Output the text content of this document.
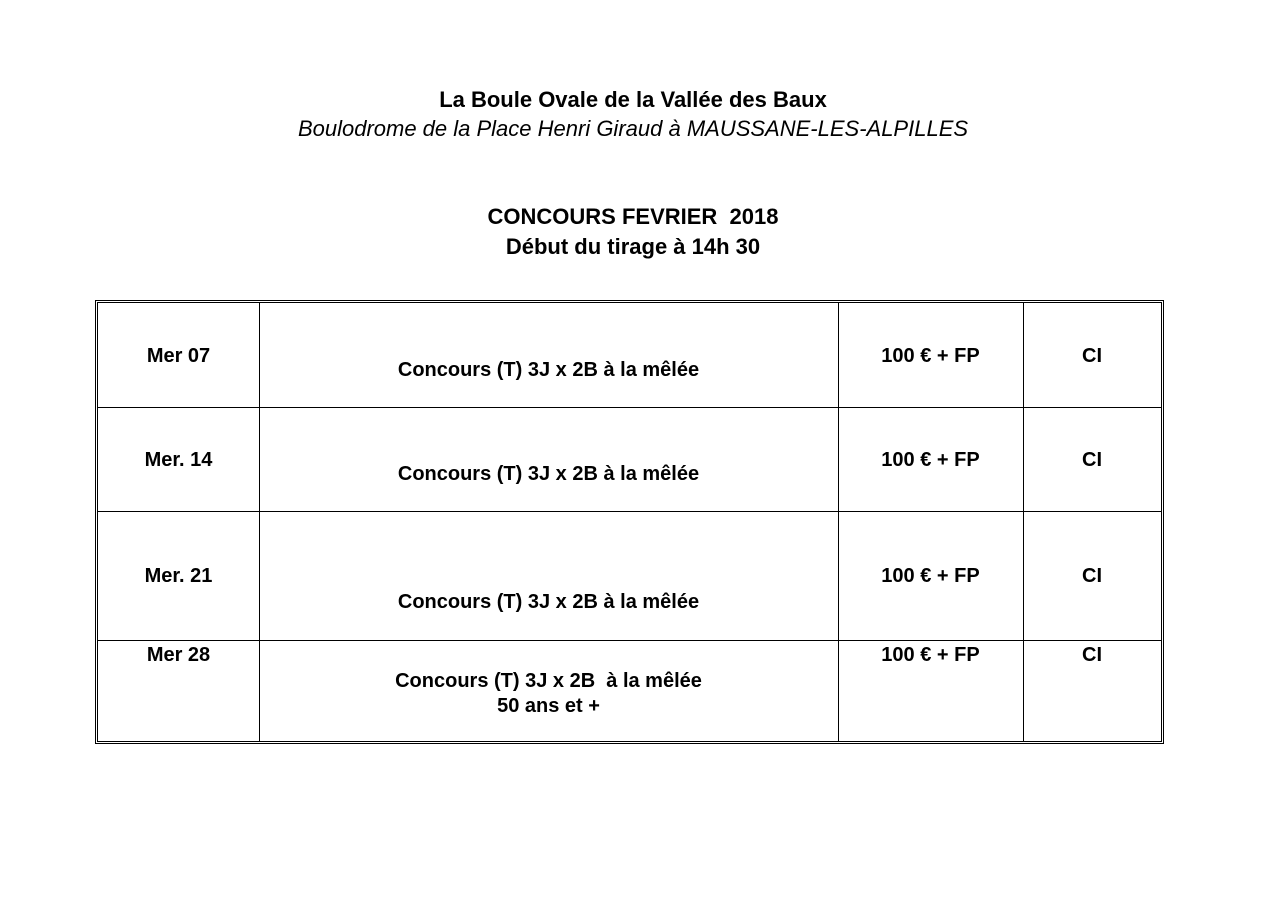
La Boule Ovale de la Vallée des Baux
Boulodrome de la Place Henri Giraud à MAUSSANE-LES-ALPILLES
CONCOURS FEVRIER  2018
Début du tirage à 14h 30
Mer 07
Concours (T) 3J x 2B à la mêlée
100 € + FP	CI
Mer. 14
Concours (T) 3J x 2B à la mêlée
100 € + FP	CI
Mer. 21
Concours (T) 3J x 2B à la mêlée
100 € + FP	CI
Mer 28
Concours (T) 3J x 2B  à la mêlée
50 ans et +
100 € + FP	CI
